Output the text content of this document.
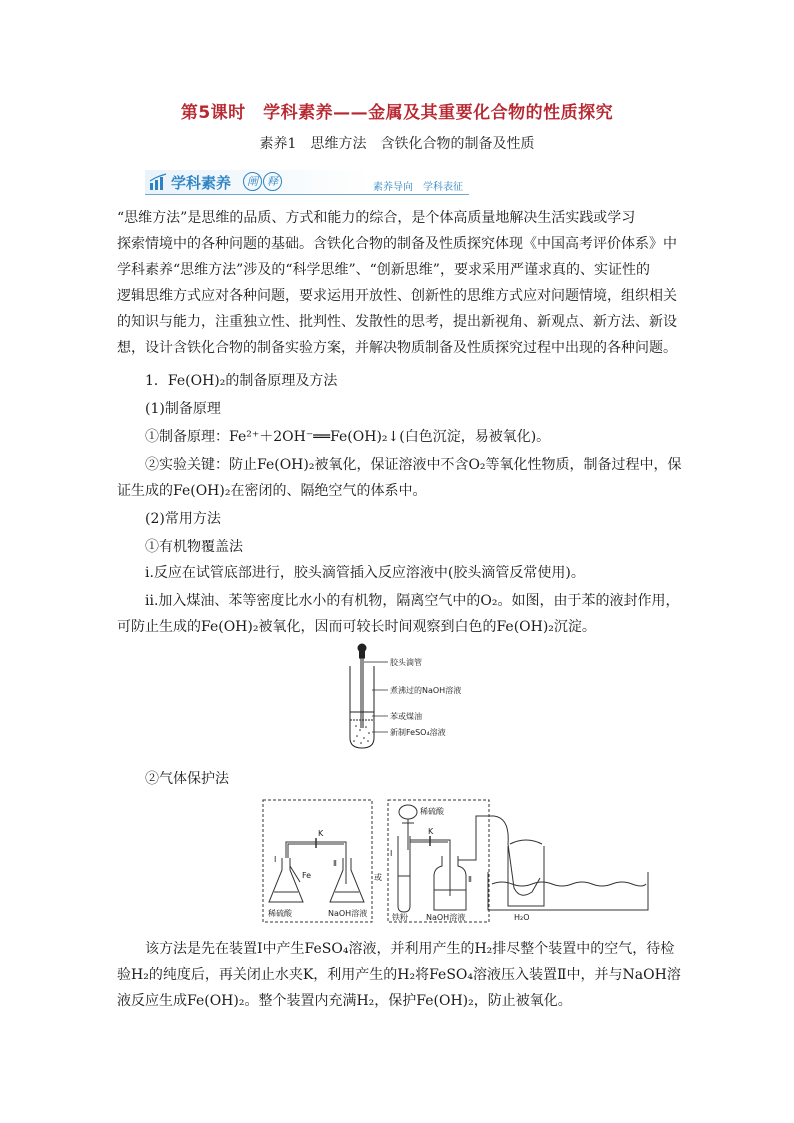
第5课时　学科素养——金属及其重要化合物的性质探究
素养1　思维方法　含铁化合物的制备及性质
学科素养	阐 释	素养导向　学科表征
“思维方法”是思维的品质、方式和能力的综合，是个体高质量地解决生活实践或学习
探索情境中的各种问题的基础。含铁化合物的制备及性质探究体现《中国高考评价体系》中
学科素养“思维方法”涉及的“科学思维”、“创新思维”，要求采用严谨求真的、实证性的
逻辑思维方式应对各种问题，要求运用开放性、创新性的思维方式应对问题情境，组织相关
的知识与能力，注重独立性、批判性、发散性的思考，提出新视角、新观点、新方法、新设
想，设计含铁化合物的制备实验方案，并解决物质制备及性质探究过程中出现的各种问题。
1．Fe(OH)₂的制备原理及方法
(1)制备原理
①制备原理：Fe²⁺＋2OH⁻══Fe(OH)₂↓(白色沉淀，易被氧化)。
②实验关键：防止Fe(OH)₂被氧化，保证溶液中不含O₂等氧化性物质，制备过程中，保
证生成的Fe(OH)₂在密闭的、隔绝空气的体系中。
(2)常用方法
①有机物覆盖法
ⅰ.反应在试管底部进行，胶头滴管插入反应溶液中(胶头滴管反常使用)。
ⅱ.加入煤油、苯等密度比水小的有机物，隔离空气中的O₂。如图，由于苯的液封作用，
可防止生成的Fe(OH)₂被氧化，因而可较长时间观察到白色的Fe(OH)₂沉淀。
胶头滴管
煮沸过的NaOH溶液
苯或煤油
新制FeSO₄溶液
②气体保护法
Ⅰ
K
Ⅱ
Fe
稀硫酸	NaOH溶液
或
稀硫酸
Ⅰ
K
Ⅱ
铁粉 NaOH溶液	H₂O
该方法是先在装置Ⅰ中产生FeSO₄溶液，并利用产生的H₂排尽整个装置中的空气，待检
验H₂的纯度后，再关闭止水夹K，利用产生的H₂将FeSO₄溶液压入装置Ⅱ中，并与NaOH溶
液反应生成Fe(OH)₂。整个装置内充满H₂，保护Fe(OH)₂，防止被氧化。
